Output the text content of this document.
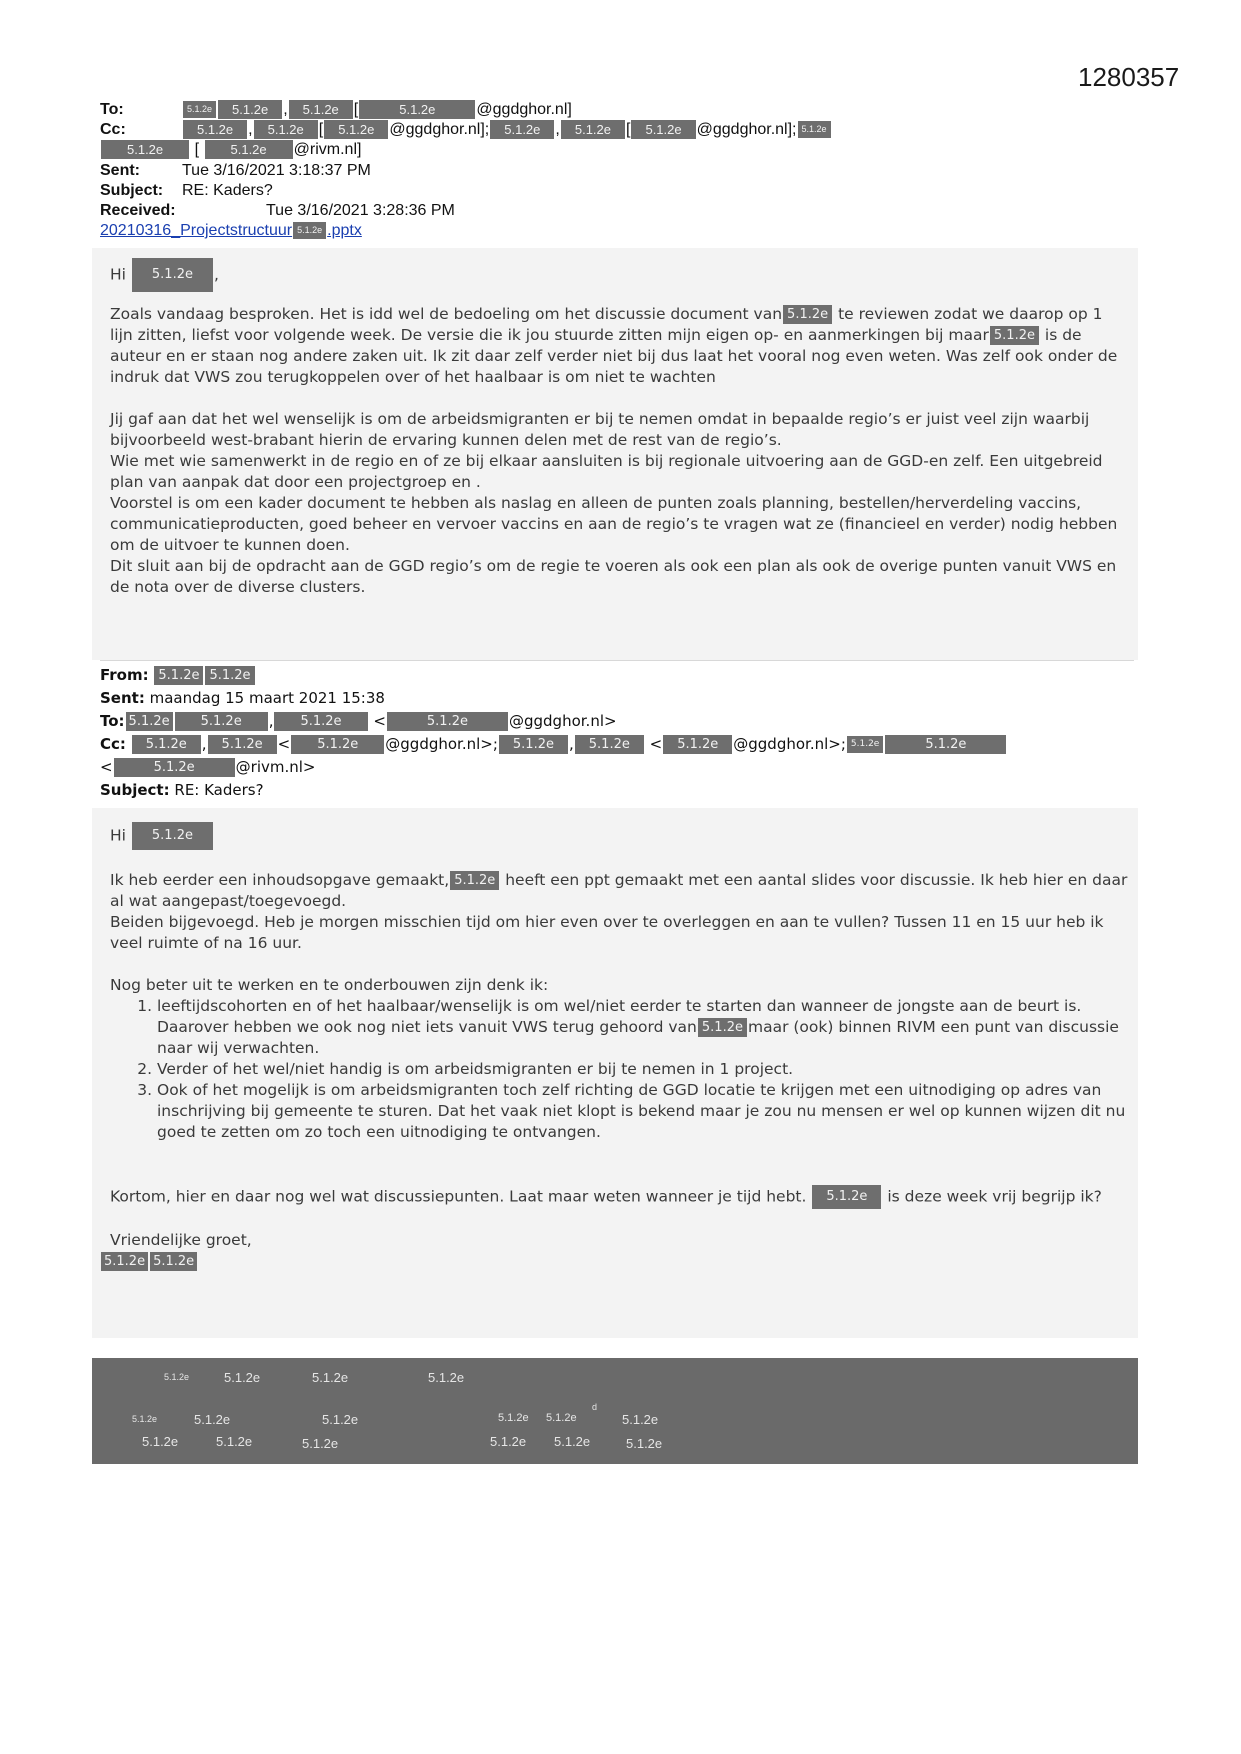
1280357
To:	5.1.2e 5.1.2e , 5.1.2e [	5.1.2e	@ggdghor.nl]
Cc:	5.1.2e , 5.1.2e [ 5.1.2e @ggdghor.nl]; 5.1.2e , 5.1.2e [ 5.1.2e @ggdghor.nl]; 5.1.2e
5.1.2e [ 5.1.2e @rivm.nl]
Sent:	Tue 3/16/2021 3:18:37 PM
Subject: RE: Kaders?
Received:	Tue 3/16/2021 3:28:36 PM
20210316_Projectstructuur 5.1.2e .pptx

Hi 5.1.2e ,

Zoals vandaag besproken. Het is idd wel de bedoeling om het discussie document van 5.1.2e te reviewen zodat we daarop op 1 lijn zitten, liefst voor volgende week. De versie die ik jou stuurde zitten mijn eigen op- en aanmerkingen bij maar 5.1.2e is de auteur en er staan nog andere zaken uit. Ik zit daar zelf verder niet bij dus laat het vooral nog even weten. Was zelf ook onder de indruk dat VWS zou terugkoppelen over of het haalbaar is om niet te wachten

Jij gaf aan dat het wel wenselijk is om de arbeidsmigranten er bij te nemen omdat in bepaalde regio’s er juist veel zijn waarbij bijvoorbeeld west-brabant hierin de ervaring kunnen delen met de rest van de regio’s.

Wie met wie samenwerkt in de regio en of ze bij elkaar aansluiten is bij regionale uitvoering aan de GGD-en zelf. Een uitgebreid plan van aanpak dat door een projectgroep en .

Voorstel is om een kader document te hebben als naslag en alleen de punten zoals planning, bestellen/herverdeling vaccins, communicatieproducten, goed beheer en vervoer vaccins en aan de regio’s te vragen wat ze (financieel en verder) nodig hebben om de uitvoer te kunnen doen.

Dit sluit aan bij de opdracht aan de GGD regio’s om de regie te voeren als ook een plan als ook de overige punten vanuit VWS en de nota over de diverse clusters.

From: 5.1.2e 5.1.2e
Sent: maandag 15 maart 2021 15:38
To: 5.1.2e 5.1.2e , 5.1.2e <	5.1.2e	@ggdghor.nl>
Cc: 5.1.2e , 5.1.2e < 5.1.2e @ggdghor.nl>; 5.1.2e , 5.1.2e < 5.1.2e @ggdghor.nl>; 5.1.2e	5.1.2e
<	5.1.2e	@rivm.nl>
Subject: RE: Kaders?

Hi 5.1.2e

Ik heb eerder een inhoudsopgave gemaakt, 5.1.2e heeft een ppt gemaakt met een aantal slides voor discussie. Ik heb hier en daar al wat aangepast/toegevoegd.

Beiden bijgevoegd. Heb je morgen misschien tijd om hier even over te overleggen en aan te vullen? Tussen 11 en 15 uur heb ik veel ruimte of na 16 uur.

Nog beter uit te werken en te onderbouwen zijn denk ik:

1. leeftijdscohorten en of het haalbaar/wenselijk is om wel/niet eerder te starten dan wanneer de jongste aan de beurt is. Daarover hebben we ook nog niet iets vanuit VWS terug gehoord van 5.1.2e maar (ook) binnen RIVM een punt van discussie naar wij verwachten.
2. Verder of het wel/niet handig is om arbeidsmigranten er bij te nemen in 1 project.
3. Ook of het mogelijk is om arbeidsmigranten toch zelf richting de GGD locatie te krijgen met een uitnodiging op adres van inschrijving bij gemeente te sturen. Dat het vaak niet klopt is bekend maar je zou nu mensen er wel op kunnen wijzen dit nu goed te zetten om zo toch een uitnodiging te ontvangen.

Kortom, hier en daar nog wel wat discussiepunten. Laat maar weten wanneer je tijd hebt. 5.1.2e is deze week vrij begrijp ik?

Vriendelijke groet,

5.1.2e 5.1.2e
5.1.2e	5.1.2e	5.1.2e	5.1.2e
5.1.2e	5.1.2e	5.1.2e	5.1.2e 5.1.2e
d
5.1.2e
5.1.2e	5.1.2e	5.1.2e	5.1.2e 5.1.2e	5.1.2e
